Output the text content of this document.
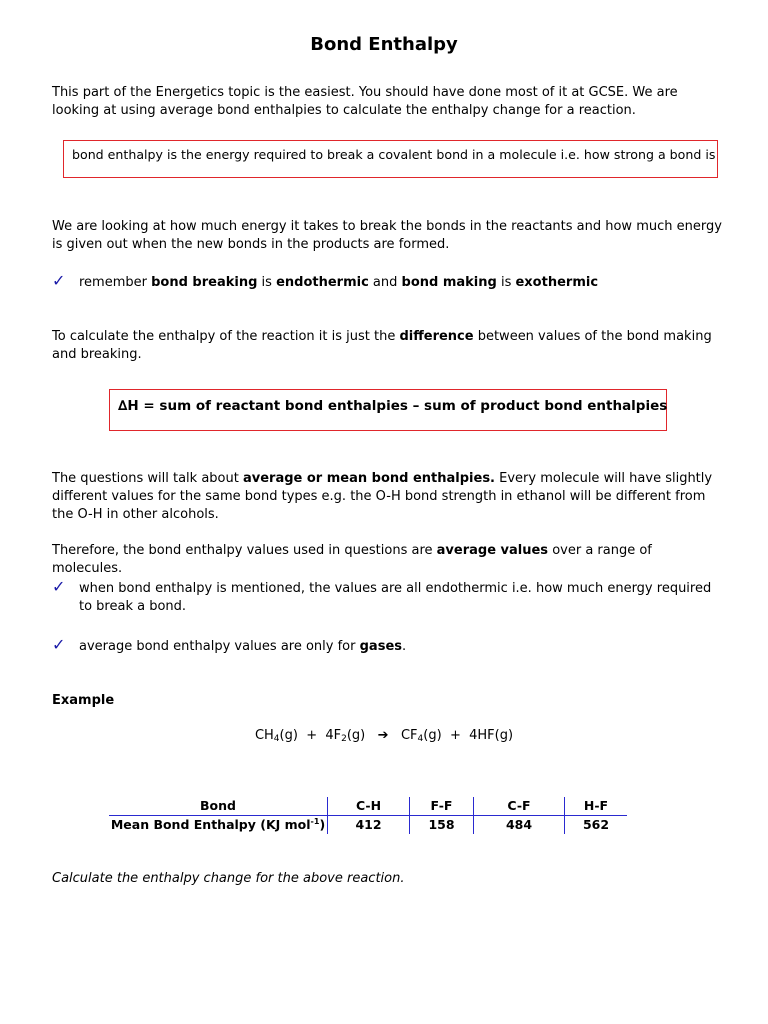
Bond Enthalpy

This part of the Energetics topic is the easiest. You should have done most of it at GCSE. We are looking at using average bond enthalpies to calculate the enthalpy change for a reaction.

bond enthalpy is the energy required to break a covalent bond in a molecule i.e. how strong a bond is

We are looking at how much energy it takes to break the bonds in the reactants and how much energy is given out when the new bonds in the products are formed.

✓ remember bond breaking is endothermic and bond making is exothermic

To calculate the enthalpy of the reaction it is just the difference between values of the bond making and breaking.

∆H = sum of reactant bond enthalpies – sum of product bond enthalpies

The questions will talk about average or mean bond enthalpies. Every molecule will have slightly different values for the same bond types e.g. the O-H bond strength in ethanol will be different from the O-H in other alcohols.

Therefore, the bond enthalpy values used in questions are average values over a range of molecules.

✓ when bond enthalpy is mentioned, the values are all endothermic i.e. how much energy required to break a bond.

✓ average bond enthalpy values are only for gases.

Example

$CH_4(g) + 4F_2(g)$ ➔ $CF_4(g) + 4HF(g)$
Bond	C-H	F-F	C-F	H-F
Mean Bond Enthalpy (KJ mol$^{-1}$)	412	158	484	562

Calculate the enthalpy change for the above reaction.
